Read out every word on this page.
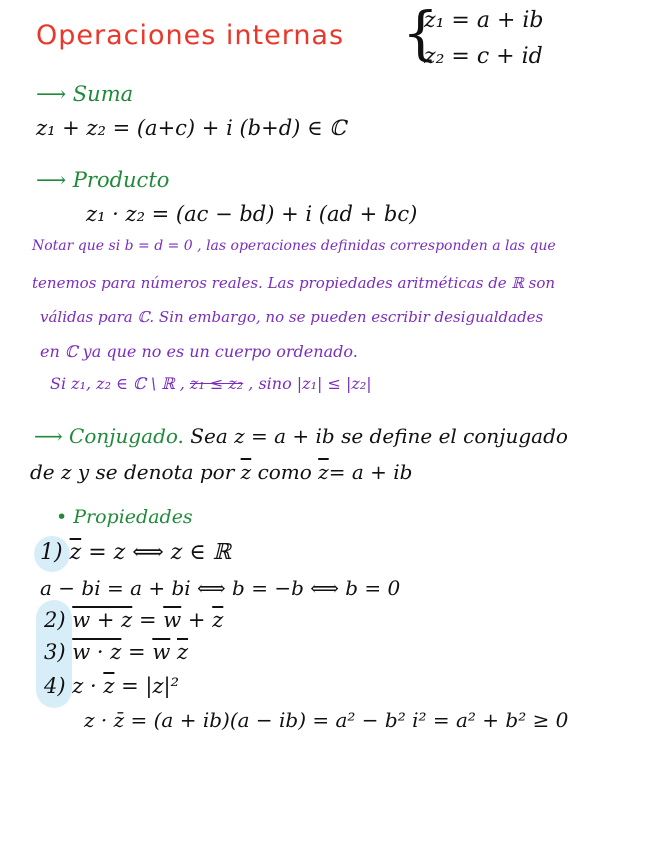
Operaciones internas {
z₁ = a + ib
z₂ = c + id
⟶ Suma
z₁ + z₂ = (a+c) + i (b+d) ∈ ℂ
⟶ Producto
z₁ · z₂ = (ac − bd) + i (ad + bc)
Notar que si b = d = 0 , las operaciones definidas corresponden a las que
tenemos para números reales. Las propiedades aritméticas de ℝ son
válidas para ℂ. Sin embargo, no se pueden escribir desigualdades
en ℂ ya que no es un cuerpo ordenado.
Si z₁, z₂ ∈ ℂ \ ℝ , z₁ ≤ z₂ , sino |z₁| ≤ |z₂|
⟶ Conjugado. Sea z = a + ib se define el conjugado
de z y se denota por $\overline{z}$ como $\overline{z}= a$ + ib
• Propiedades
1) $\overline{z} = z$ ⟺ z ∈ ℝ
a − bi = a + bi ⟺ b = −b ⟺ b = 0
2) $w + z = \overline{w} + \overline{z}$
3) $w \cdot z = \overline{w}$ $\overline{z}$
4) $z \cdot \overline{z} = |z|^2$
z · z̄ = (a + ib)(a − ib) = a² − b² i² = a² + b² ≥ 0
